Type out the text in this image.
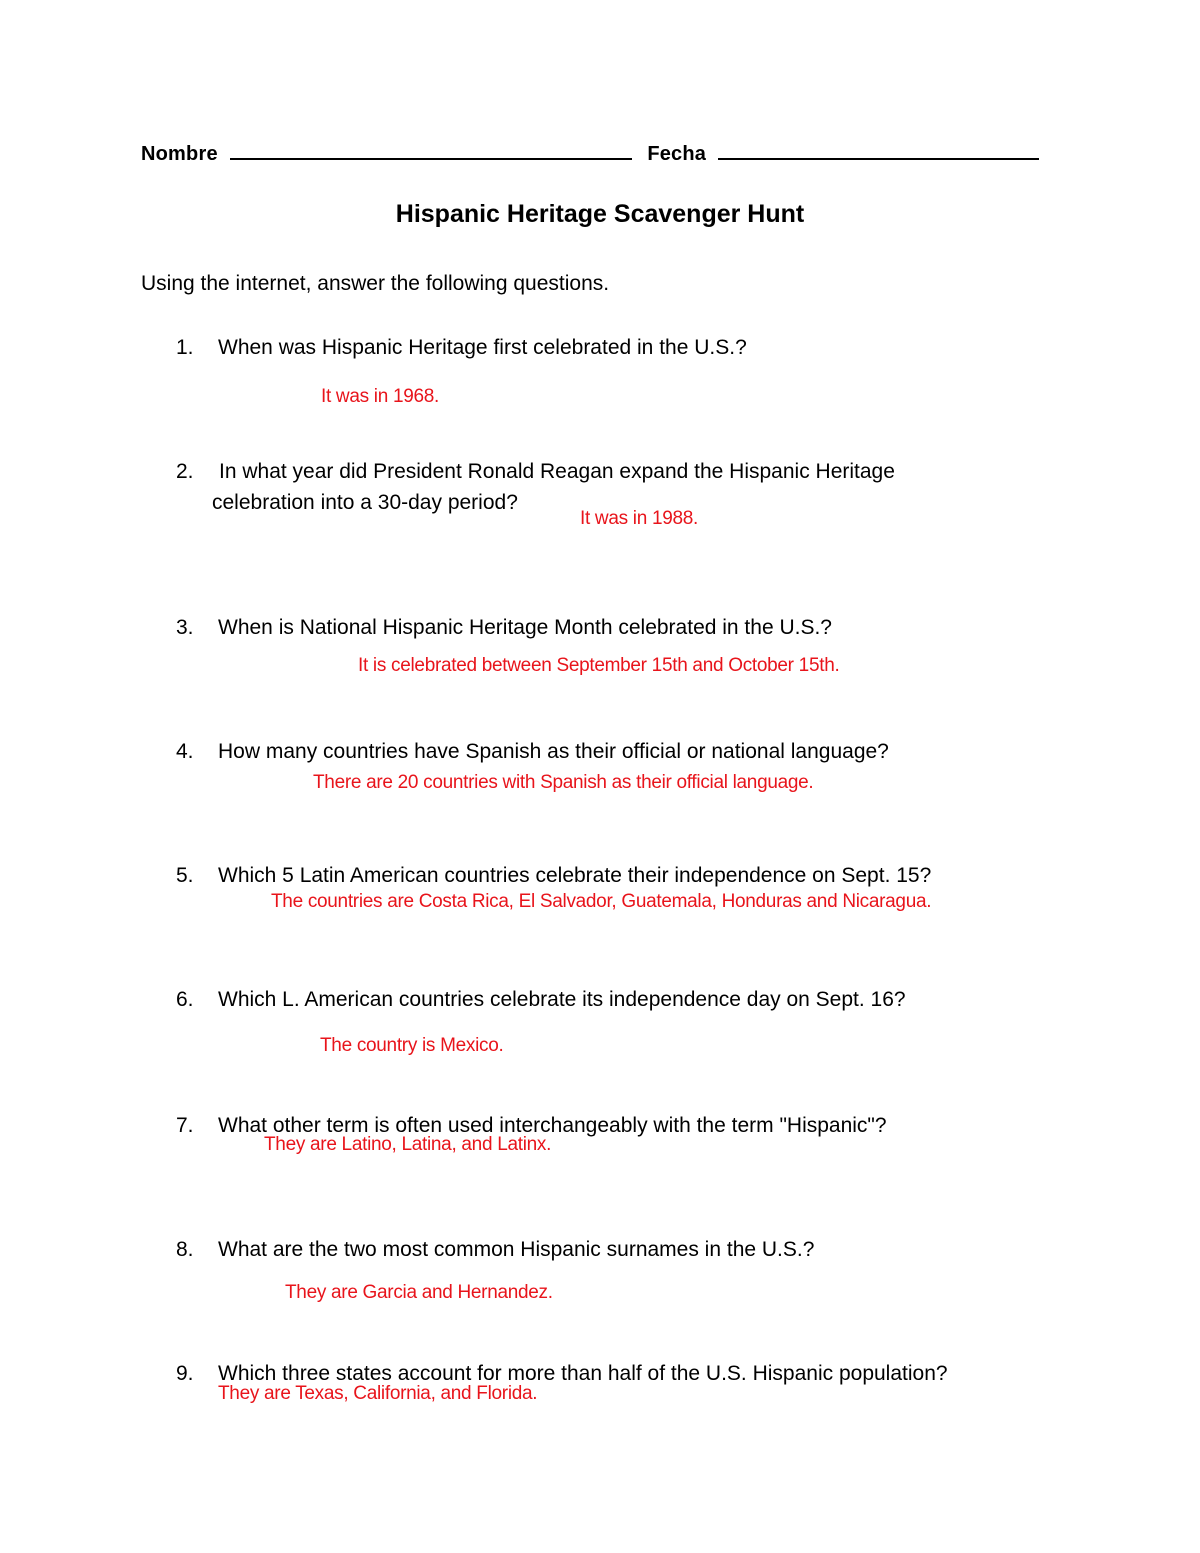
Nombre	Fecha
Hispanic Heritage Scavenger Hunt
Using the internet, answer the following questions.
1. When was Hispanic Heritage first celebrated in the U.S.?
It was in 1968.
2. In what year did President Ronald Reagan expand the Hispanic Heritage
celebration into a 30-day period?
It was in 1988.
3. When is National Hispanic Heritage Month celebrated in the U.S.?
It is celebrated between September 15th and October 15th.
4. How many countries have Spanish as their official or national language?
There are 20 countries with Spanish as their official language.
5. Which 5 Latin American countries celebrate their independence on Sept. 15?
The countries are Costa Rica, El Salvador, Guatemala, Honduras and Nicaragua.
6. Which L. American countries celebrate its independence day on Sept. 16?
The country is Mexico.
7. What other term is often used interchangeably with the term "Hispanic"?
They are Latino, Latina, and Latinx.
8. What are the two most common Hispanic surnames in the U.S.?
They are Garcia and Hernandez.
9. Which three states account for more than half of the U.S. Hispanic population?
They are Texas, California, and Florida.
